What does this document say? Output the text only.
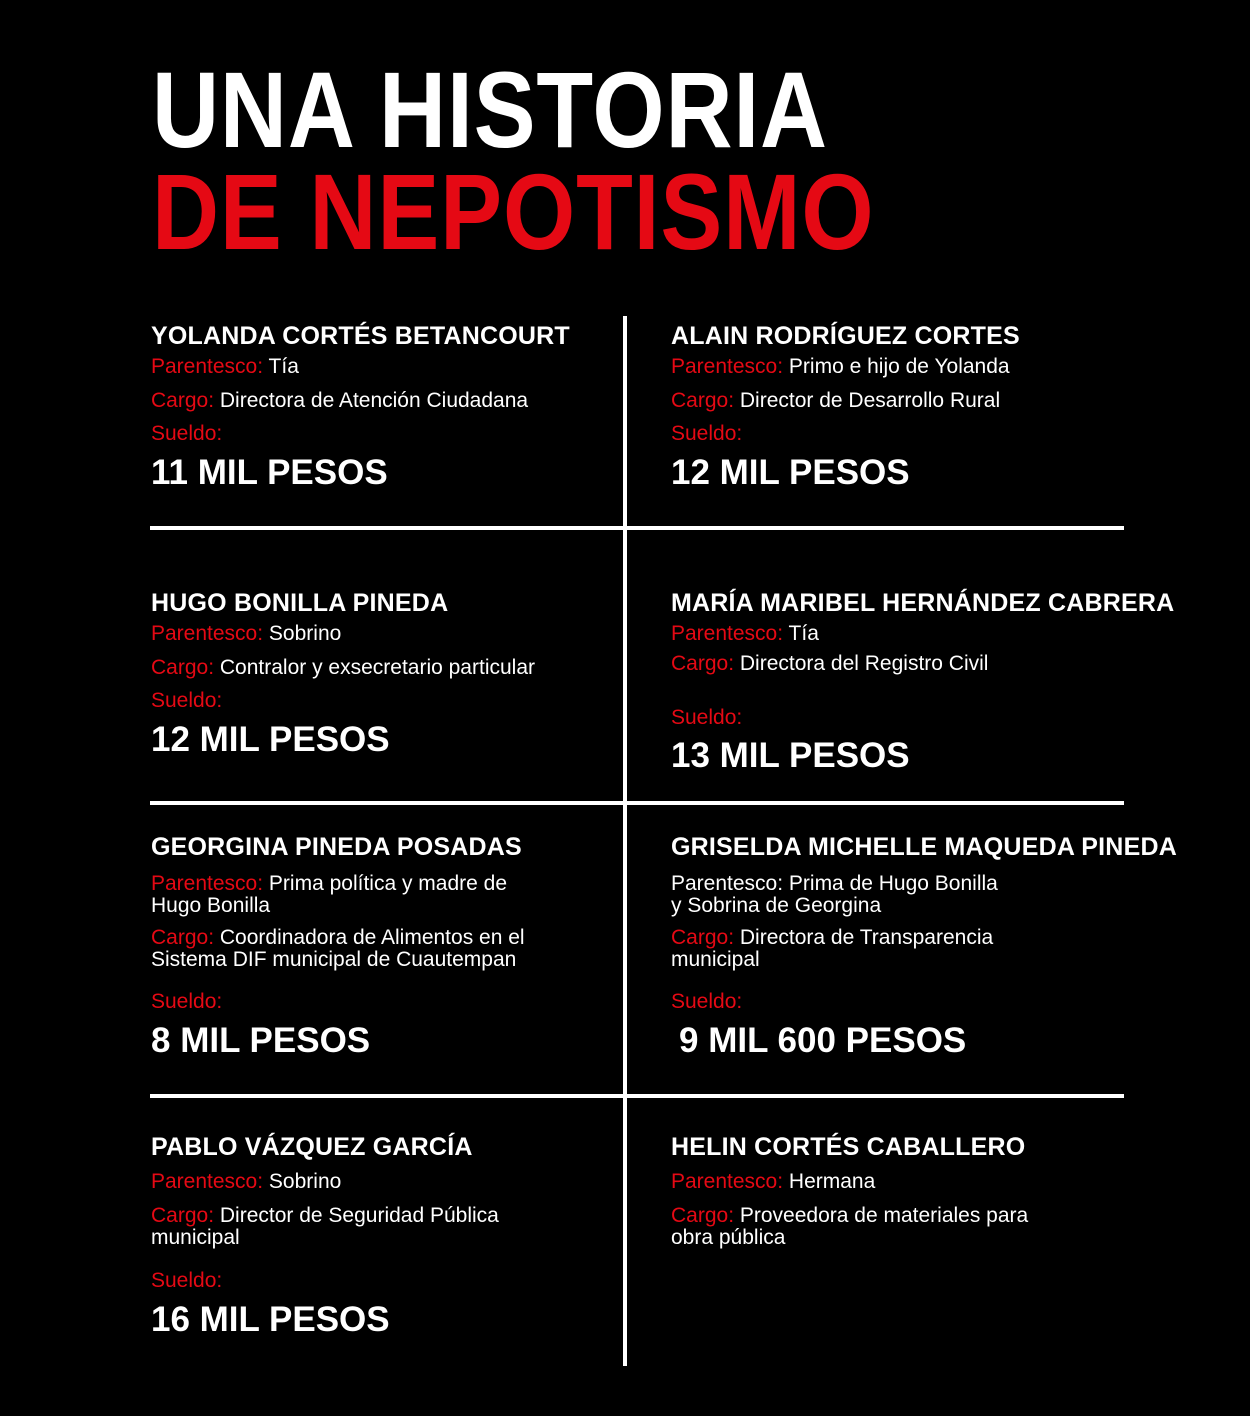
UNA HISTORIA
DE NEPOTISMO
YOLANDA CORTÉS BETANCOURT
Parentesco: Tía
Cargo: Directora de Atención Ciudadana
Sueldo:
11 MIL PESOS
ALAIN RODRÍGUEZ CORTES
Parentesco: Primo e hijo de Yolanda
Cargo: Director de Desarrollo Rural
Sueldo:
12 MIL PESOS
HUGO BONILLA PINEDA
Parentesco: Sobrino
Cargo: Contralor y exsecretario particular
Sueldo:
12 MIL PESOS
MARÍA MARIBEL HERNÁNDEZ CABRERA
Parentesco: Tía
Cargo: Directora del Registro Civil
Sueldo:
13 MIL PESOS
GEORGINA PINEDA POSADAS
Parentesco: Prima política y madre de
Hugo Bonilla
Cargo: Coordinadora de Alimentos en el
Sistema DIF municipal de Cuautempan
Sueldo:
8 MIL PESOS
GRISELDA MICHELLE MAQUEDA PINEDA
Parentesco: Prima de Hugo Bonilla
y Sobrina de Georgina
Cargo: Directora de Transparencia
municipal
Sueldo:
9 MIL 600 PESOS
PABLO VÁZQUEZ GARCÍA
Parentesco: Sobrino
Cargo: Director de Seguridad Pública
municipal
Sueldo:
16 MIL PESOS
HELIN CORTÉS CABALLERO
Parentesco: Hermana
Cargo: Proveedora de materiales para
obra pública
